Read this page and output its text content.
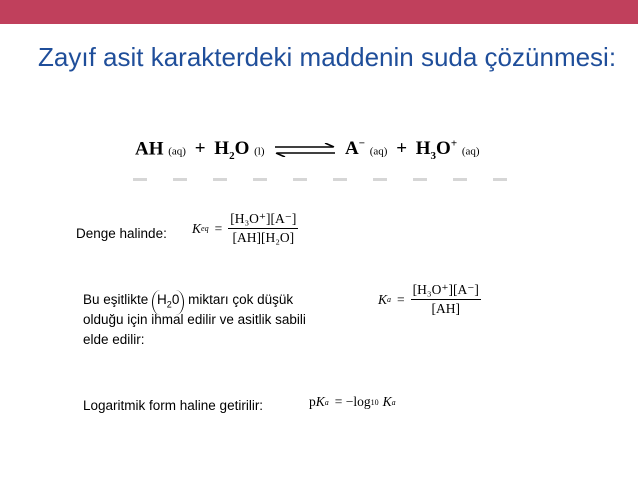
Zayıf asit karakterdeki maddenin suda çözünmesi:
AH $(aq) + H_2O$ (l) ⇌ A− $(aq) + H_3O^+$ (aq)
Denge halinde: K eq = $\frac{\text{[H₃O⁺][A⁻]}}{\text{[AH][H₂O]}}$
Bu eşitlikte $H_20$ miktarı çok düşük
olduğu için ihmal edilir ve asitlik sabili
elde edilir:
K $a = \frac{\text{[H₃O⁺][A⁻]}}{[AH]}$
Logaritmik form haline getirilir:	p K a = −log 10 K a
